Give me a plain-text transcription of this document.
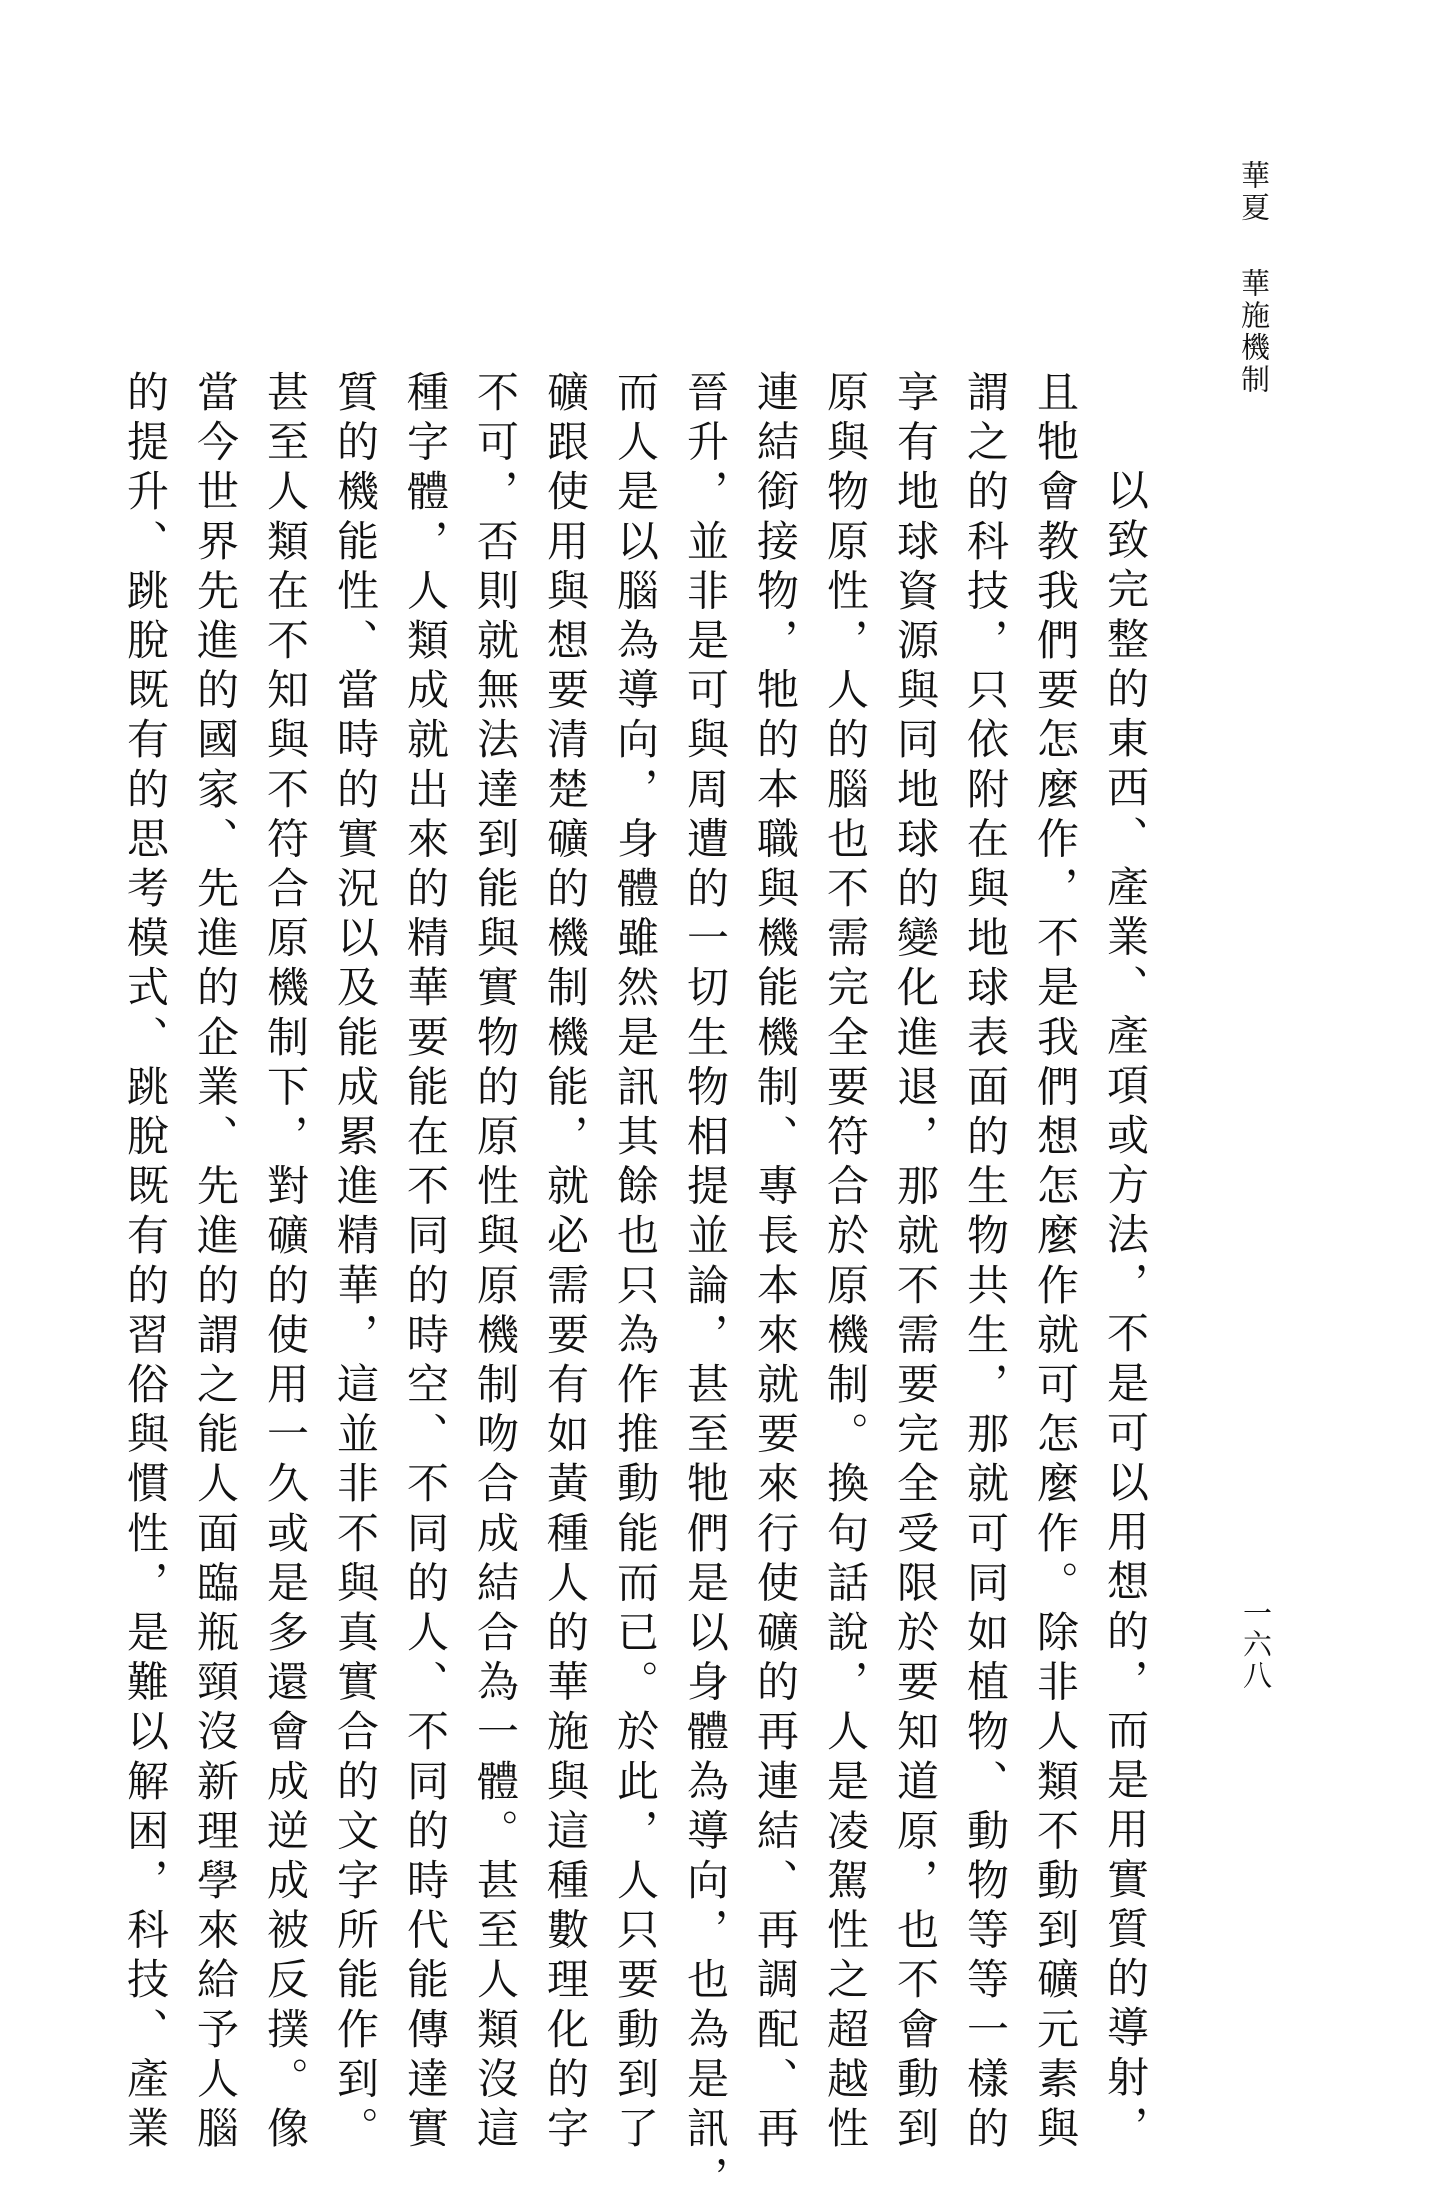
華夏華施機制
一六八
以致完整的東西、產業、產項或方法，不是可以用想的，而是用實質的導射，
且牠會教我們要怎麼作，不是我們想怎麼作就可怎麼作。除非人類不動到礦元素與
謂之的科技，只依附在與地球表面的生物共生，那就可同如植物、動物等等一樣的
享有地球資源與同地球的變化進退，那就不需要完全受限於要知道原，也不會動到
原與物原性，人的腦也不需完全要符合於原機制。換句話說，人是凌駕性之超越性
連結銜接物，牠的本職與機能機制、專長本來就要來行使礦的再連結、再調配、再
晉升，並非是可與周遭的一切生物相提並論，甚至牠們是以身體為導向，也為是訊，
而人是以腦為導向，身體雖然是訊其餘也只為作推動能而已。於此，人只要動到了
礦跟使用與想要清楚礦的機制機能，就必需要有如黃種人的華施與這種數理化的字
不可，否則就無法達到能與實物的原性與原機制吻合成結合為一體。甚至人類沒這
種字體，人類成就出來的精華要能在不同的時空、不同的人、不同的時代能傳達實
質的機能性、當時的實況以及能成累進精華，這並非不與真實合的文字所能作到。
甚至人類在不知與不符合原機制下，對礦的使用一久或是多還會成逆成被反撲。像
當今世界先進的國家、先進的企業、先進的謂之能人面臨瓶頸沒新理學來給予人腦
的提升、跳脫既有的思考模式、跳脫既有的習俗與慣性，是難以解困，科技、產業
